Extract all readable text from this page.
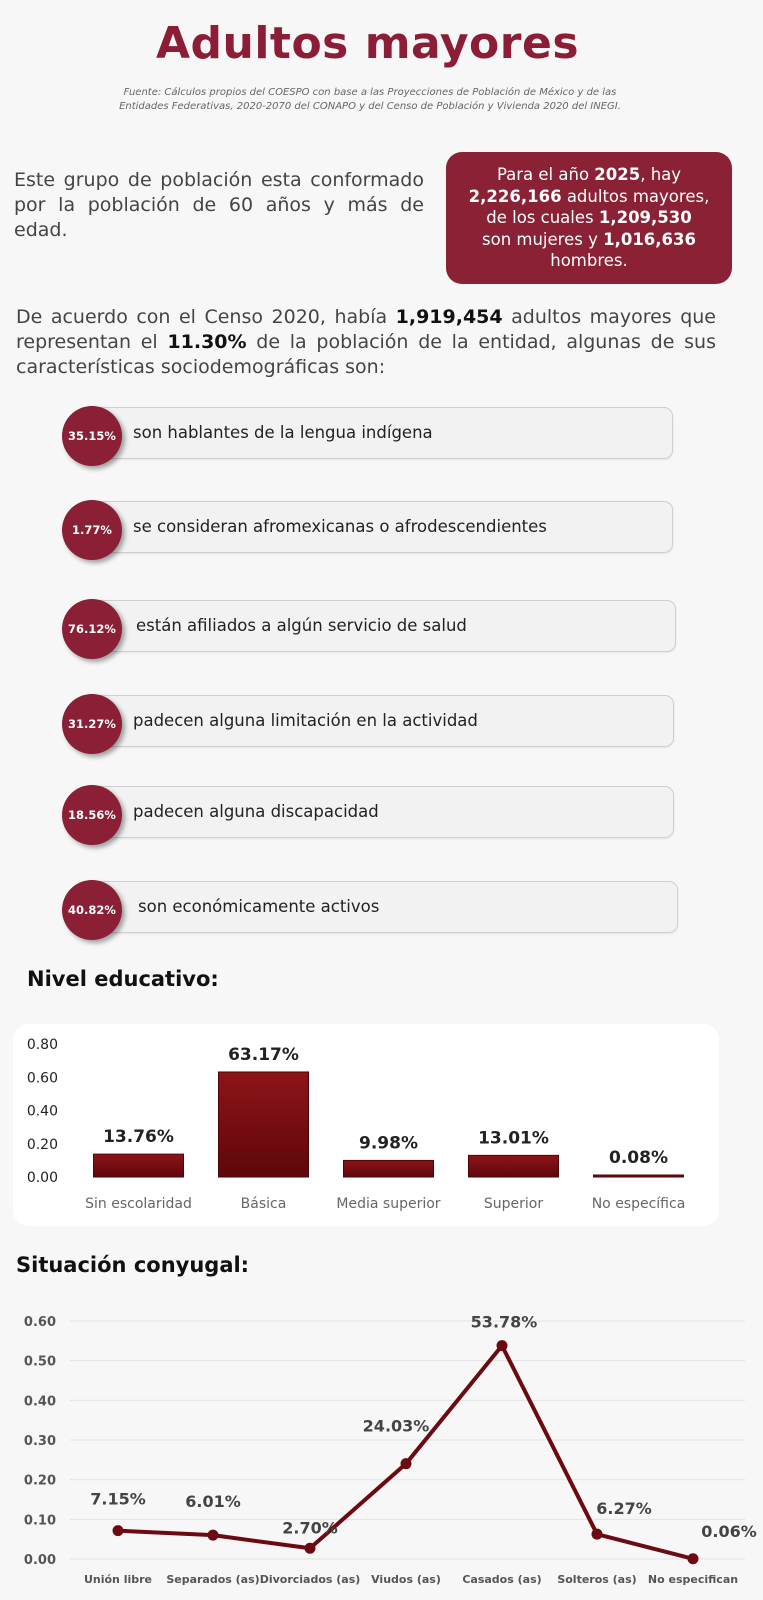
Adultos mayores
Fuente: Cálculos propios del COESPO con base a las Proyecciones de Población de México y de las
Entidades Federativas, 2020-2070 del CONAPO y del Censo de Población y Vivienda 2020 del INEGI.
Este grupo de población esta conformado por la población de 60 años y más de edad.
Para el año 2025, hay
2,226,166 adultos mayores,
de los cuales 1,209,530
son mujeres y 1,016,636
hombres.
De acuerdo con el Censo 2020, había 1,919,454 adultos mayores que representan el 11.30% de la población de la entidad, algunas de sus características sociodemográficas son:
35.15%	son hablantes de la lengua indígena
1.77%	se consideran afromexicanas o afrodescendientes
76.12%	están afiliados a algún servicio de salud
31.27%	padecen alguna limitación en la actividad
18.56%	padecen alguna discapacidad
40.82%	son económicamente activos
Nivel educativo:
0.00
0.20
0.40
0.60
0.80
13.76%
Sin escolaridad
63.17%
Básica
9.98%
Media superior
13.01%
Superior
0.08%
No específica
Situación conyugal:
0.00
0.10
0.20
0.30
0.40
0.50
0.60
7.15%
Unión libre
6.01%
Separados (as)
2.70%
Divorciados (as)
24.03%
Viudos (as)
53.78%
Casados (as)
6.27%
Solteros (as)
0.06%
No especifican
